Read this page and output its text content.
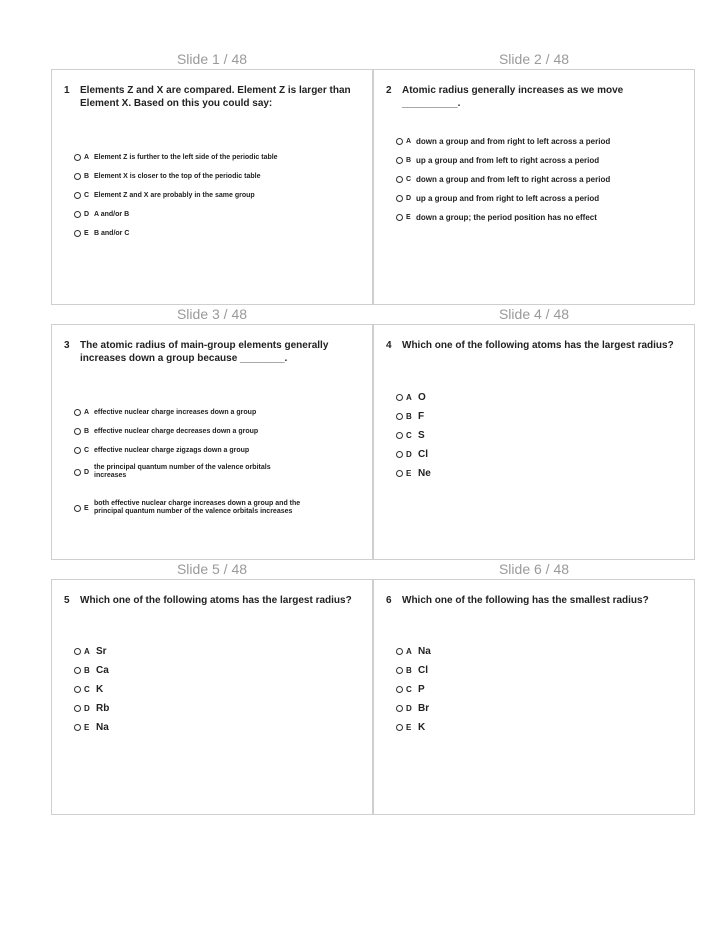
Slide 1 / 48
1	Elements Z and X are compared. Element Z is larger than Element X. Based on this you could say:
A Element Z is further to the left side of the periodic table
B Element X is closer to the top of the periodic table
C Element Z and X are probably in the same group
D A and/or B
E B and/or C
Slide 2 / 48
2	Atomic radius generally increases as we move __________.
A down a group and from right to left across a period
B up a group and from left to right across a period
C down a group and from left to right across a period
D up a group and from right to left across a period
E down a group; the period position has no effect
Slide 3 / 48
3	The atomic radius of main-group elements generally increases down a group because ________.
A effective nuclear charge increases down a group
B effective nuclear charge decreases down a group
C effective nuclear charge zigzags down a group
D
the principal quantum number of the valence orbitals increases
E
both effective nuclear charge increases down a group and the principal quantum number of the valence orbitals increases
Slide 4 / 48
4	Which one of the following atoms has the largest radius?
A O
B F
C S
D Cl
E Ne
Slide 5 / 48
5	Which one of the following atoms has the largest radius?
A Sr
B Ca
C K
D Rb
E Na
Slide 6 / 48
6	Which one of the following has the smallest radius?
A Na
B Cl
C P
D Br
E K
